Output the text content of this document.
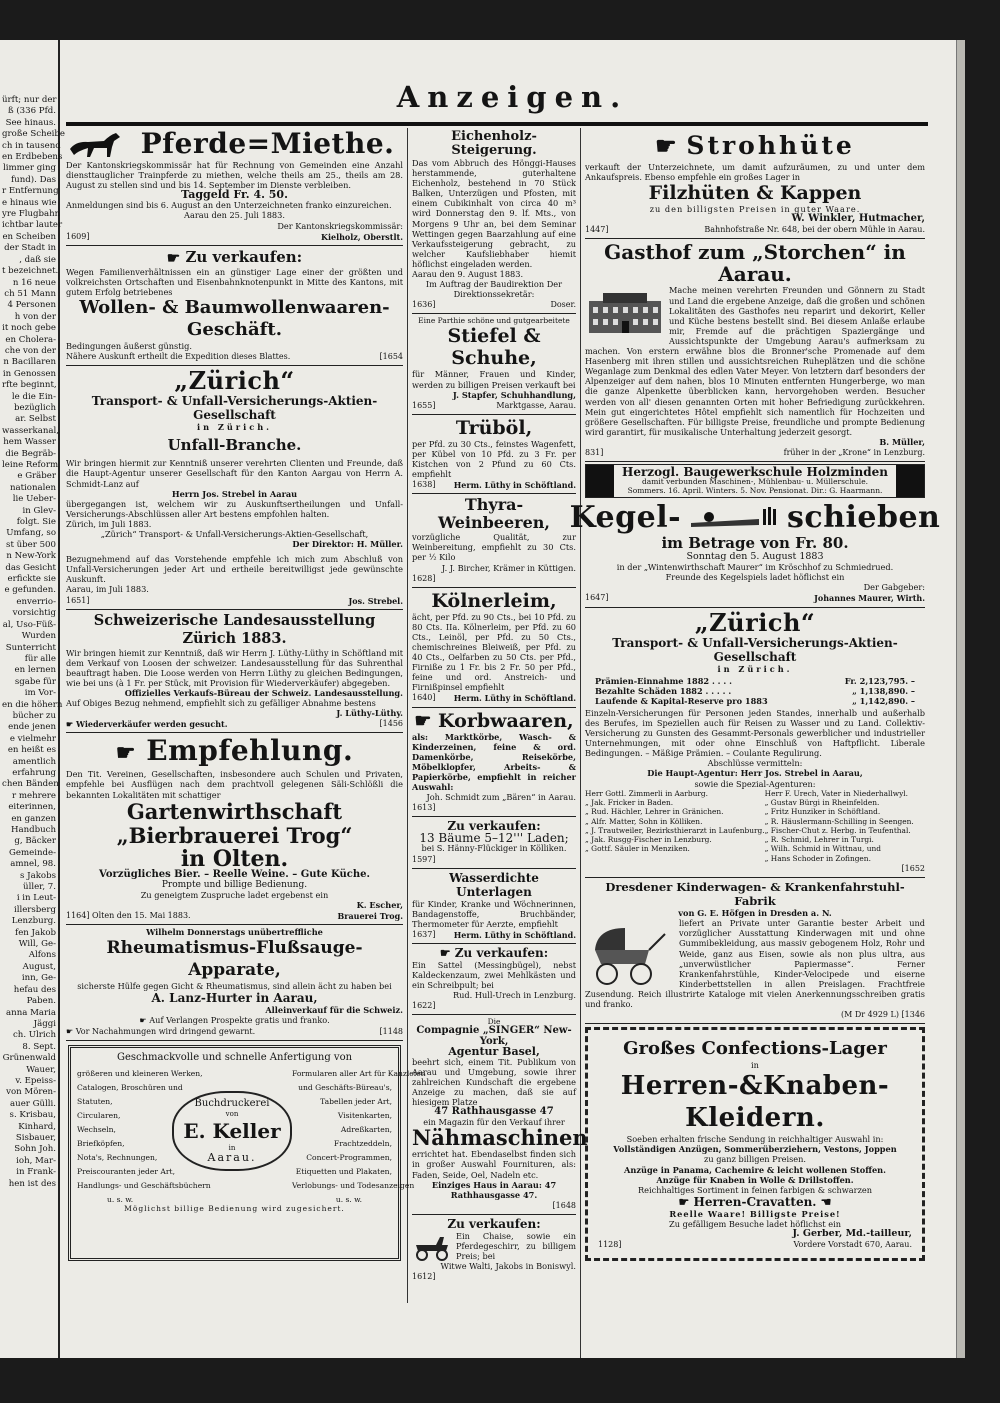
ürft; nur der
ß (336 Pfd.
See hinaus.
große Scheibe
ch in tausend
en Erdbebens
limmer ging
fund). Das
r Entfernung
e hinaus wie
yre Flugbahn
ichtbar lauter
en Scheiben
der Stadt in
, daß sie
t bezeichnet.
n 16 neue
ch 51 Mann
4 Personen
h von der
it noch gebe
en Cholera-
che von der
n Bacillaren
in Genossen
rfte beginnt,
le die Ein-
bezüglich
ar. Selbst
wasserkanal,
hem Wasser
die Begräb-
leine Reform
e Gräber
nationalen
lie Ueber-
in Glev-
folgt. Sie
Umfang, so
st über 500
n New-York
das Gesicht
erfickte sie
e gefunden.
enverrio-
vorsichtig
al, Uso-Füß-
Wurden
Sunterricht
für alle
en lernen
sgabe für
im Vor-
en die höhern
bücher zu
ende jenen
e vielmehr
en heißt es
amentlich
erfahrung
chen Bänden
r mehrere
eiterinnen,
en ganzen
Handbuch
g, Bäcker
Gemeinde-
amnel, 98.
s Jakobs
üller, 7.
i in Leut-
illersberg
Lenzburg.
fen Jakob
Will, Ge-
Alfons
August,
inn, Ge-
hefau des
Paben.
anna Maria
Jäggi
ch. Ulrich
8. Sept.
Grünenwald
Wauer,
v. Epeiss-
von Mören-
auer Gülli.
s. Krisbau,
Kinhard,
Sisbauer,
Sohn Joh.
ioh, Mar-
in Frank-
hen ist des
Anzeigen.
Pferde=Miethe.
Der Kantonskriegskommissär hat für Rechnung von Gemeinden eine Anzahl diensttauglicher Trainpferde zu miethen, welche theils am 25., theils am 28. August zu stellen sind und bis 14. September im Dienste verbleiben.
Taggeld Fr. 4. 50.
Anmeldungen sind bis 6. August an den Unterzeichneten franko einzureichen.
Aarau den 25. Juli 1883.
Der Kantonskriegskommissär:
1609]	Kielholz, Oberstlt.
☛ Zu verkaufen:
Wegen Familienverhältnissen ein an günstiger Lage einer der größten und volkreichsten Ortschaften und Eisenbahnknotenpunkt in Mitte des Kantons, mit gutem Erfolg betriebenes
Wollen- & Baumwollenwaaren-Geschäft.
Bedingungen äußerst günstig.
Nähere Auskunft ertheilt die Expedition dieses Blattes.	[1654
„Zürich“
Transport- & Unfall-Versicherungs-Aktien-Gesellschaft
in Zürich.
Unfall-Branche.
Wir bringen hiermit zur Kenntniß unserer verehrten Clienten und Freunde, daß die Haupt-Agentur unserer Gesellschaft für den Kanton Aargau von Herrn A. Schmidt-Lanz auf
Herrn Jos. Strebel in Aarau
übergegangen ist, welchem wir zu Auskunftsertheilungen und Unfall-Versicherungs-Abschlüssen aller Art bestens empfohlen halten.
Zürich, im Juli 1883.
„Zürich“ Transport- & Unfall-Versicherungs-Aktien-Gesellschaft,
Der Direktor: H. Müller.
Bezugnehmend auf das Vorstehende empfehle ich mich zum Abschluß von Unfall-Versicherungen jeder Art und ertheile bereitwilligst jede gewünschte Auskunft.
Aarau, im Juli 1883.
1651]	Jos. Strebel.
Schweizerische Landesausstellung Zürich 1883.
Wir bringen hiemit zur Kenntniß, daß wir Herrn J. Lüthy-Lüthy in Schöftland mit dem Verkauf von Loosen der schweizer. Landesausstellung für das Suhrenthal beauftragt haben. Die Loose werden von Herrn Lüthy zu gleichen Bedingungen, wie bei uns (à 1 Fr. per Stück, mit Provision für Wiederverkäufer) abgegeben.
Offizielles Verkaufs-Büreau der Schweiz. Landesausstellung.
Auf Obiges Bezug nehmend, empfiehlt sich zu gefälliger Abnahme bestens
J. Lüthy-Lüthy.
☛ Wiederverkäufer werden gesucht.	[1456
☛ Empfehlung.
Den Tit. Vereinen, Gesellschaften, insbesondere auch Schulen und Privaten, empfehle bei Ausflügen nach dem prachtvoll gelegenen Säli-Schlößli die bekannten Lokalitäten mit schattiger
Gartenwirthschaft „Bierbrauerei Trog“
in Olten.
Vorzügliches Bier. – Reelle Weine. – Gute Küche.
Prompte und billige Bedienung.
Zu geneigtem Zuspruche ladet ergebenst ein
K. Escher,
1164] Olten den 15. Mai 1883.	Brauerei Trog.
Wilhelm Donnerstags unübertreffliche
Rheumatismus-Flußsauge-Apparate,
sicherste Hülfe gegen Gicht & Rheumatismus, sind allein ächt zu haben bei
A. Lanz-Hurter in Aarau,
Alleinverkauf für die Schweiz.
☛ Auf Verlangen Prospekte gratis und franko.
☛ Vor Nachahmungen wird dringend gewarnt.	[1148
Geschmackvolle und schnelle Anfertigung von
größeren und kleineren Werken,
Catalogen, Broschüren und
Statuten,
Circularen,
Wechseln,
Briefköpfen,
Nota's, Rechnungen,
Preiscouranten jeder Art,
Handlungs- und Geschäftsbüchern
Buchdruckerei
von
E. Keller
in
Aarau.
Formularen aller Art für Kanzleien
und Geschäfts-Büreau's,
Tabellen jeder Art,
Visitenkarten,
Adreßkarten,
Frachtzeddeln,
Concert-Programmen,
Etiquetten und Plakaten,
Verlobungs- und Todesanzeigen
u. s. w.	u. s. w.
Möglichst billige Bedienung wird zugesichert.
Eichenholz-Steigerung.
Das vom Abbruch des Hönggi-Hauses herstammende, guterhaltene Eichenholz, bestehend in 70 Stück Balken, Unterzügen und Pfosten, mit einem Cubikinhalt von circa 40 m³ wird Donnerstag den 9. lf. Mts., von Morgens 9 Uhr an, bei dem Seminar Wettingen gegen Baarzahlung auf eine Verkaufssteigerung gebracht, zu welcher Kaufsliebhaber hiemit höflichst eingeladen werden.
Aarau den 9. August 1883.
Im Auftrag der Baudirektion Der Direktionssekretär:
1636]	Doser.
Eine Parthie schöne und gutgearbeitete
Stiefel & Schuhe,
für Männer, Frauen und Kinder, werden zu billigen Preisen verkauft bei
J. Stapfer, Schuhhandlung,
1655]	Marktgasse, Aarau.
Trüböl,
per Pfd. zu 30 Cts., feinstes Wagenfett, per Kübel von 10 Pfd. zu 3 Fr. per Kistchen von 2 Pfund zu 60 Cts. empfiehlt
1638] Herm. Lüthy in Schöftland.
Thyra-Weinbeeren,
vorzügliche Qualität, zur Weinbereitung, empfiehlt zu 30 Cts. per ½ Kilo
J. J. Bircher, Krämer in Küttigen.
1628]
Kölnerleim,
ächt, per Pfd. zu 90 Cts., bei 10 Pfd. zu 80 Cts. IIa. Kölnerleim, per Pfd. zu 60 Cts., Leinöl, per Pfd. zu 50 Cts., chemischreines Bleiweiß, per Pfd. zu 40 Cts., Oelfarben zu 50 Cts. per Pfd., Firniße zu 1 Fr. bis 2 Fr. 50 per Pfd., feine und ord. Anstreich- und Firnißpinsel empfiehlt
1640] Herm. Lüthy in Schöftland.
☛ Korbwaaren,
als: Marktkörbe, Wasch- & Kinderzeinen, feine & ord. Damenkörbe, Reisekörbe, Möbelklopfer, Arbeits- & Papierkörbe, empfiehlt in reicher Auswahl:
Joh. Schmidt zum „Bären“ in Aarau.
1613]
Zu verkaufen:
13 Bäume 5–12''' Laden;
bei S. Hänny-Flückiger in Kölliken.
1597]
Wasserdichte Unterlagen
für Kinder, Kranke und Wöchnerinnen, Bandagenstoffe, Bruchbänder, Thermometer für Aerzte, empfiehlt
1637] Herm. Lüthy in Schöftland.
☛ Zu verkaufen:
Ein Sattel (Messingbügel), nebst Kaldeckenzaum, zwei Mehlkästen und ein Schreibpult; bei
Rud. Hull-Urech in Lenzburg.
1622]
Die
Compagnie „SINGER“ New-York,
Agentur Basel,
beehrt sich, einem Tit. Publikum von Aarau und Umgebung, sowie ihrer zahlreichen Kundschaft die ergebene Anzeige zu machen, daß sie auf hiesigem Platze
47 Rathhausgasse 47
ein Magazin für den Verkauf ihrer
Nähmaschinen
errichtet hat. Ebendaselbst finden sich in großer Auswahl Fournituren, als: Faden, Seide, Oel, Nadeln etc.
Einziges Haus in Aarau: 47 Rathhausgasse 47.
[1648
Zu verkaufen:
Ein Chaise, sowie ein Pferdegeschirr, zu billigem Preis; bei
Witwe Walti, Jakobs in Boniswyl.
1612]
☛ Strohhüte
verkauft der Unterzeichnete, um damit aufzuräumen, zu und unter dem Ankaufspreis. Ebenso empfehle ein großes Lager in
Filzhüten & Kappen
zu den billigsten Preisen in guter Waare.
W. Winkler, Hutmacher,
1447]	Bahnhofstraße Nr. 648, bei der obern Mühle in Aarau.
Gasthof zum „Storchen“ in Aarau.
Mache meinen verehrten Freunden und Gönnern zu Stadt und Land die ergebene Anzeige, daß die großen und schönen Lokalitäten des Gasthofes neu reparirt und dekorirt, Keller und Küche bestens bestellt sind. Bei diesem Anlaße erlaube mir, Fremde auf die prächtigen Spaziergänge und Aussichtspunkte der Umgebung Aarau's aufmerksam zu machen. Von erstern erwähne blos die Bronner'sche Promenade auf dem Hasenberg mit ihren stillen und aussichtsreichen Ruheplätzen und die schöne Weganlage zum Denkmal des edlen Vater Meyer. Von letztern darf besonders der Alpenzeiger auf dem nahen, blos 10 Minuten entfernten Hungerberge, wo man die ganze Alpenkette überblicken kann, hervorgehoben werden. Besucher werden von all' diesen genannten Orten mit hoher Befriedigung zurückkehren. Mein gut eingerichtetes Hôtel empfiehlt sich namentlich für Hochzeiten und größere Gesellschaften. Für billigste Preise, freundliche und prompte Bedienung wird garantirt, für musikalische Unterhaltung jederzeit gesorgt.
B. Müller,
831]	früher in der „Krone“ in Lenzburg.
Herzogl. Baugewerkschule Holzminden
damit verbunden Maschinen-, Mühlenbau- u. Müllerschule.
Sommers. 16. April. Winters. 5. Nov. Pensionat. Dir.: G. Haarmann.
Kegel-	schieben
im Betrage von Fr. 80.
Sonntag den 5. August 1883
in der „Wintenwirthschaft Maurer“ im Kröschhof zu Schmiedrued.
Freunde des Kegelspiels ladet höflichst ein
Der Gabgeber:
1647]	Johannes Maurer, Wirth.
„Zürich“
Transport- & Unfall-Versicherungs-Aktien-Gesellschaft
in Zürich.
Prämien-Einnahme 1882 . . . .	Fr. 2,123,795. –
Bezahlte Schäden 1882 . . . . .	„ 1,138,890. –
Laufende & Kapital-Reserve pro 1883	„ 1,142,890. –
Einzeln-Versicherungen für Personen jeden Standes, innerhalb und außerhalb des Berufes, im Speziellen auch für Reisen zu Wasser und zu Land. Collektiv-Versicherung zu Gunsten des Gesammt-Personals gewerblicher und industrieller Unternehmungen, mit oder ohne Einschluß von Haftpflicht. Liberale Bedingungen. – Mäßige Prämien. – Coulante Regulirung.
Abschlüsse vermitteln:
Die Haupt-Agentur: Herr Jos. Strebel in Aarau,
sowie die Spezial-Agenturen:
Herr Gottl. Zimmerli in Aarburg.
„ Jak. Fricker in Baden.
„ Rud. Hächler, Lehrer in Gränichen.
„ Alfr. Matter, Sohn in Kölliken.
„ J. Trautweiler, Bezirksthierarzt in Laufenburg.
„ Jak. Rusgg-Fischer in Lenzburg.
„ Gottf. Säuler in Menziken.
Herr F. Urech, Vater in Niederhallwyl.
„ Gustav Bürgi in Rheinfelden.
„ Fritz Hunziker in Schöftland.
„ R. Häuslermann-Schilling in Seengen.
„ Fischer-Chut z. Herbg. in Teufenthal.
„ R. Schmid, Lehrer in Turgi.
„ Wilh. Schmid in Wittnau, und
„ Hans Schoder in Zofingen.
[1652
Dresdener Kinderwagen- & Krankenfahrstuhl-Fabrik
von G. E. Höfgen in Dresden a. N.
liefert an Private unter Garantie bester Arbeit und vorzüglicher Ausstattung Kinderwagen mit und ohne Gummibekleidung, aus massiv gebogenem Holz, Rohr und Weide, ganz aus Eisen, sowie als non plus ultra, aus „unverwüstlicher Papiermasse“. Ferner Krankenfahrstühle, Kinder-Velocipede und eiserne Kinderbettstellen in allen Preislagen. Frachtfreie Zusendung. Reich illustrirte Kataloge mit vielen Anerkennungsschreiben gratis und franko.
(M Dr 4929 L) [1346
Großes Confections-Lager
in
Herren-&Knaben-Kleidern.
Soeben erhalten frische Sendung in reichhaltiger Auswahl in:
Vollständigen Anzügen, Sommerüberziehern, Vestons, Joppen
zu ganz billigen Preisen.
Anzüge in Panama, Cachemire & leicht wollenen Stoffen.
Anzüge für Knaben in Wolle & Drillstoffen.
Reichhaltiges Sortiment in feinen farbigen & schwarzen
☛ Herren-Cravatten. ☚
Reelle Waare! Billigste Preise!
Zu gefälligem Besuche ladet höflichst ein
J. Gerber, Md.-tailleur,
1128]	Vordere Vorstadt 670, Aarau.
